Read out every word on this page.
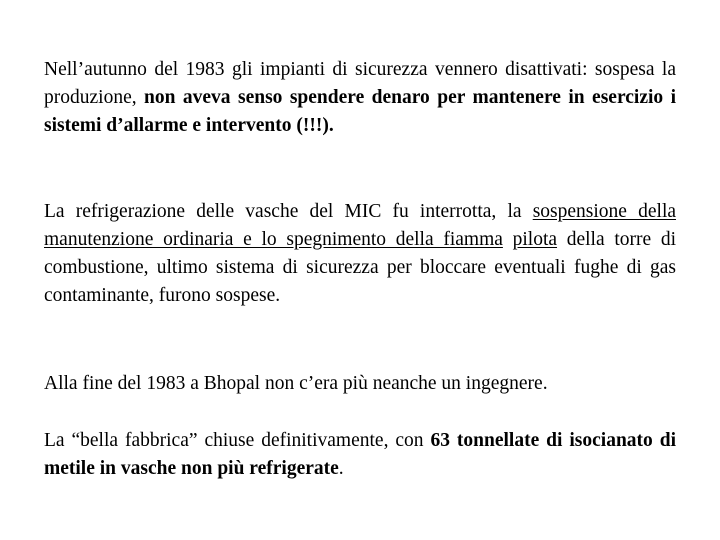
Nell’autunno del 1983 gli impianti di sicurezza vennero disattivati: sospesa la produzione, non aveva senso spendere denaro per mantenere in esercizio i sistemi d’allarme e intervento (!!!).

La refrigerazione delle vasche del MIC fu interrotta, la sospensione della manutenzione ordinaria e lo spegnimento della fiamma pilota della torre di combustione, ultimo sistema di sicurezza per bloccare eventuali fughe di gas contaminante, furono sospese.

Alla fine del 1983 a Bhopal non c’era più neanche un ingegnere.

La “bella fabbrica” chiuse definitivamente, con 63 tonnellate di isocianato di metile in vasche non più refrigerate.
